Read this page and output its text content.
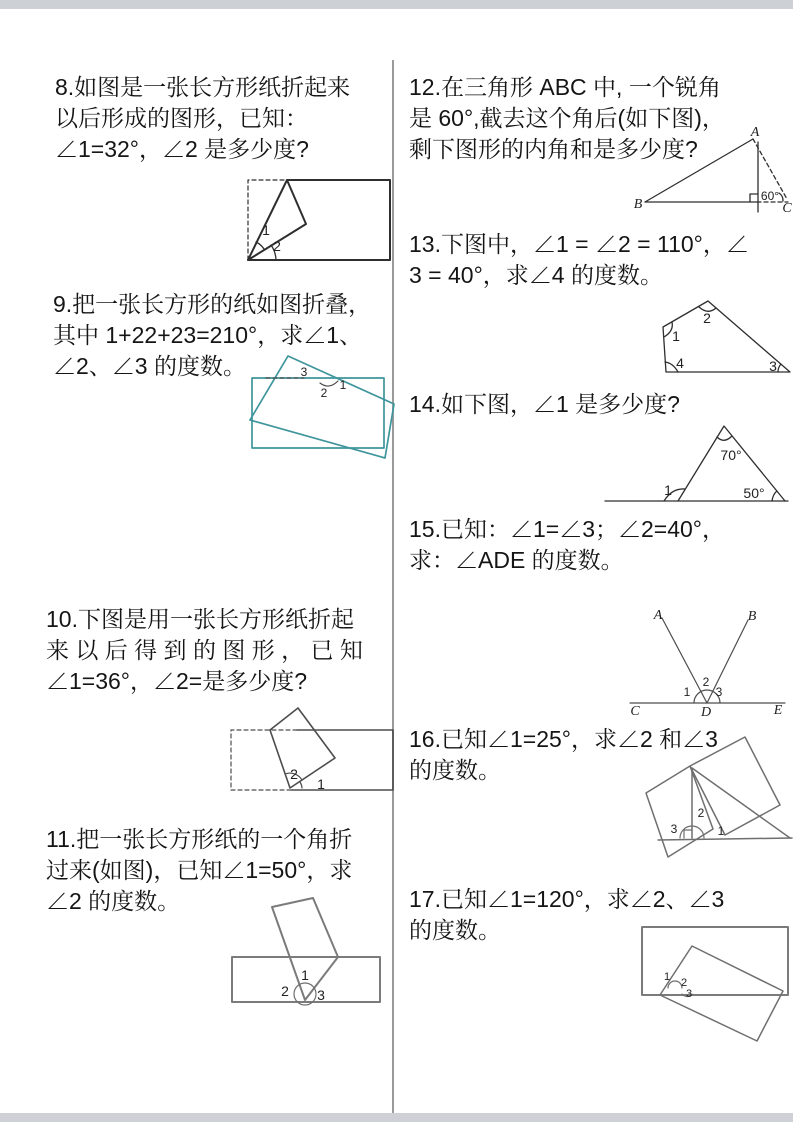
8.如图是一张长方形纸折起来
以后形成的图形，已知：
∠1=32°，∠2 是多少度?
1
2
9.把一张长方形的纸如图折叠，
其中 1+22+23=210°，求∠1、
∠2、∠3 的度数。	3
2
1
10.下图是用一张长方形纸折起
来 以 后 得 到 的 图 形 ， 已 知
∠1=36°，∠2=是多少度?
2
1
11.把一张长方形纸的一个角折
过来(如图)，已知∠1=50°，求
∠2 的度数。
1
2 3
12.在三角形 ABC 中, 一个锐角
是 60°,截去这个角后(如下图)，
剩下图形的内角和是多少度?
A
B	C
60°
13.下图中，∠1 = ∠2 = 110°，∠
3 = 40°，求∠4 的度数。
1
2
3
4
14.如下图，∠1 是多少度?
70°
50°
1
15.已知：∠1=∠3；∠2=40°，
求：∠ADE 的度数。
A	B
C	D	E
1
2
3
16.已知∠1=25°，求∠2 和∠3
的度数。
2
3	1
17.已知∠1=120°，求∠2、∠3
的度数。
1 2
3
